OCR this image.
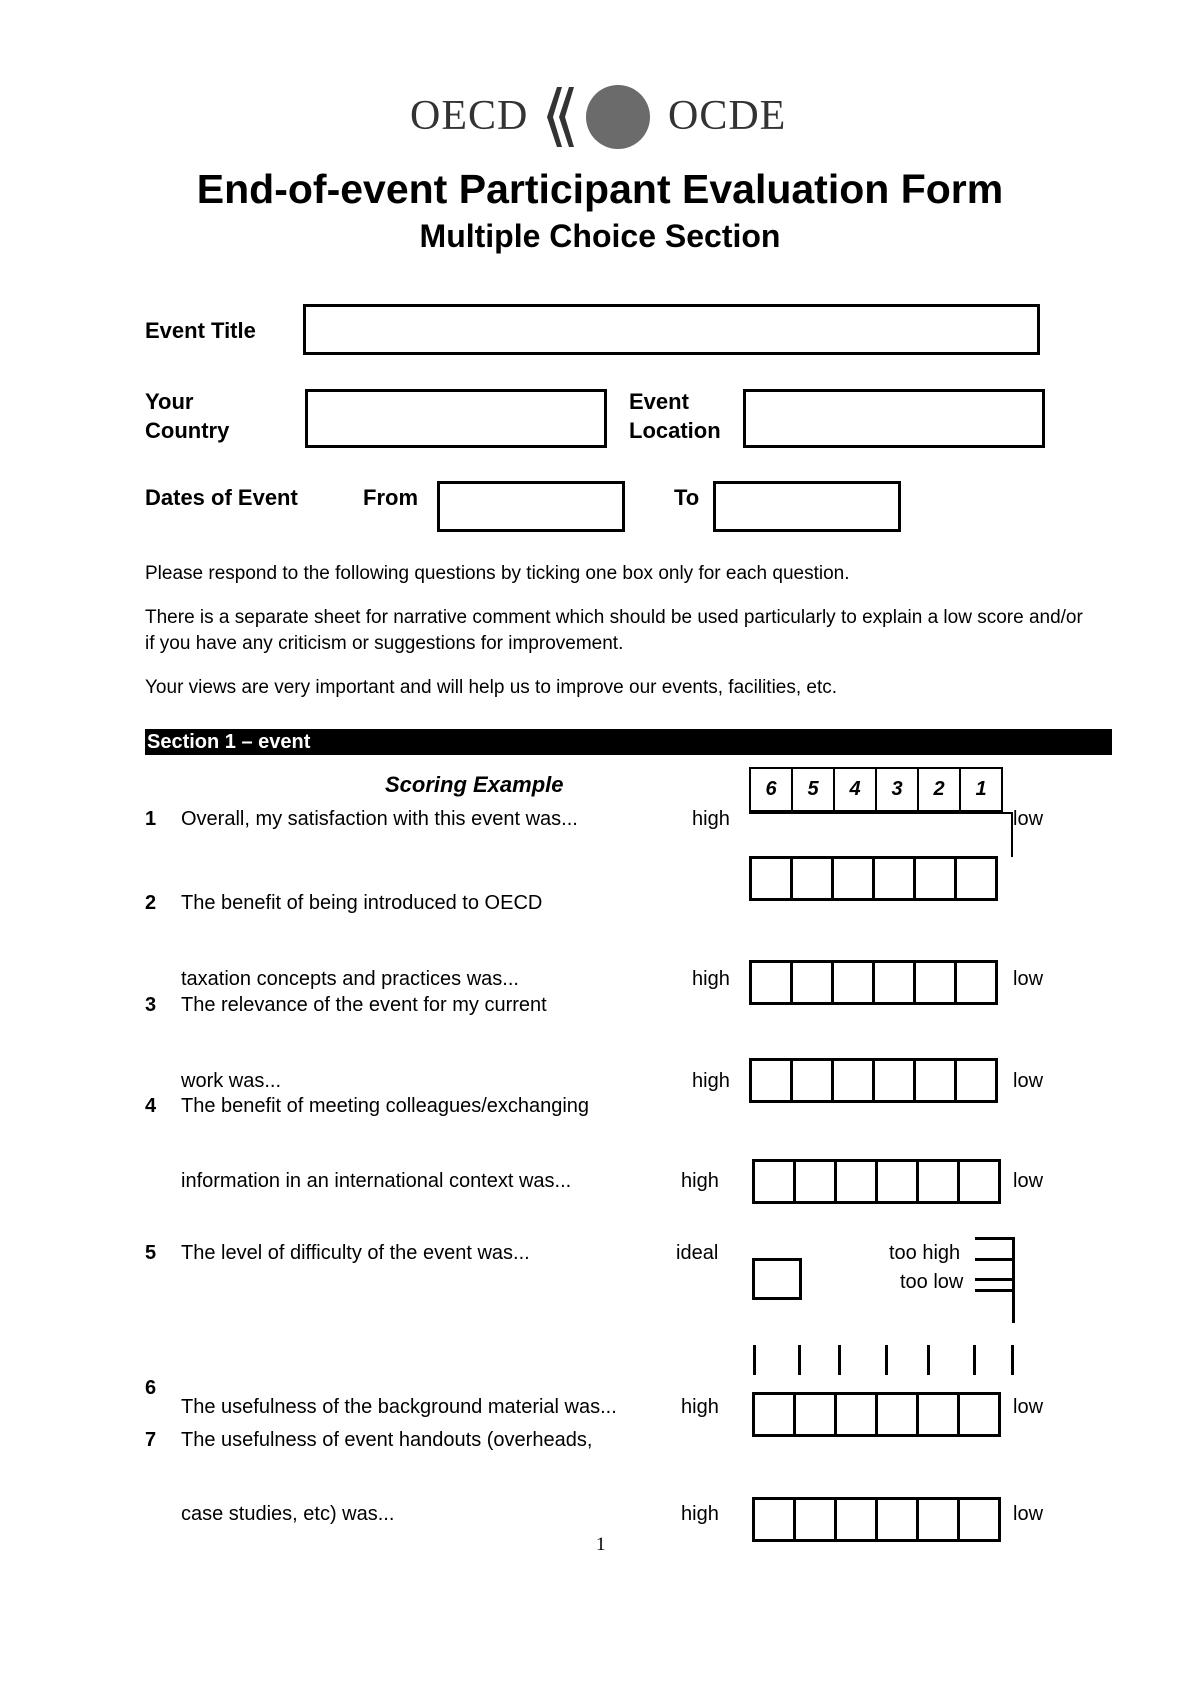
OECD	OCDE
End-of-event Participant Evaluation Form
Multiple Choice Section
Event Title
Your
Country
Event
Location
Dates of Event	From	To
Please respond to the following questions by ticking one box only for each question.
There is a separate sheet for narrative comment which should be used particularly to explain a low score and/or if you have any criticism or suggestions for improvement.
Your views are very important and will help us to improve our events, facilities, etc.
Section 1 – event
Scoring Example	6	5	4	3	2	1
1 Overall, my satisfaction with this event was...	high	low
2 The benefit of being introduced to OECD
taxation concepts and practices was...	high	low
3 The relevance of the event for my current
work was...	high	low
4 The benefit of meeting colleagues/exchanging
information in an international context was...	high	low
5 The level of difficulty of the event was...	ideal	too high
too low
6
The usefulness of the background material was...	high	low
7 The usefulness of event handouts (overheads,
case studies, etc) was...	high	low
1
